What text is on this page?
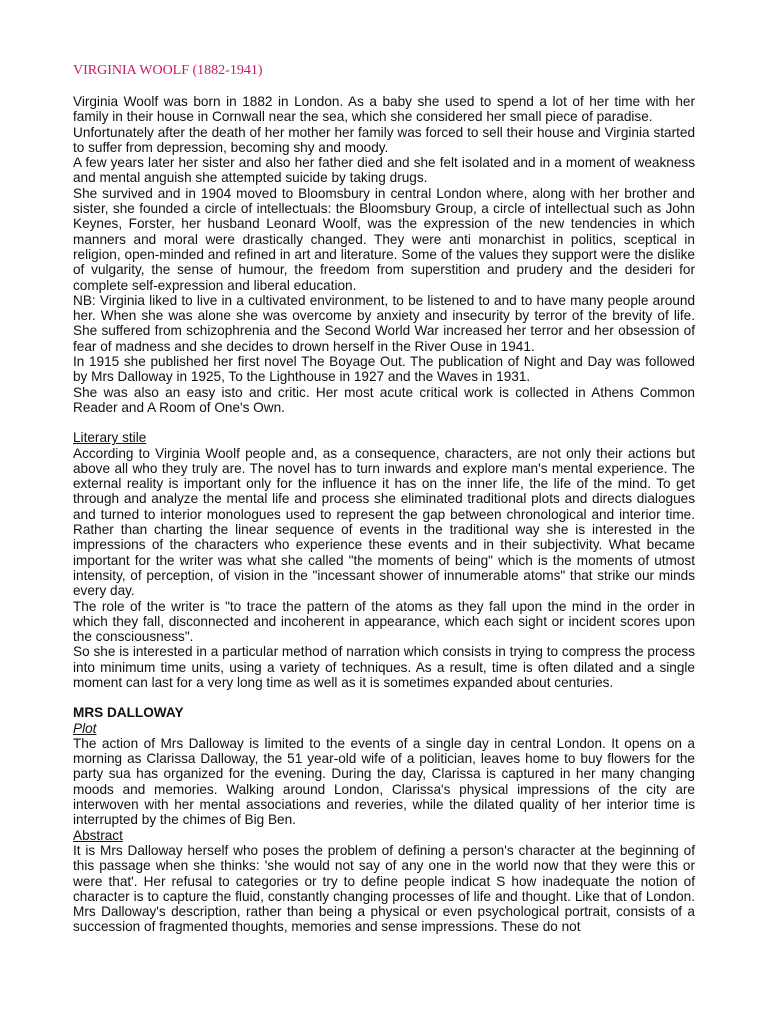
VIRGINIA WOOLF (1882-1941)

Virginia Woolf was born in 1882 in London. As a baby she used to spend a lot of her time with her family in their house in Cornwall near the sea, which she considered her small piece of paradise.

Unfortunately after the death of her mother her family was forced to sell their house and Virginia started to suffer from depression, becoming shy and moody.

A few years later her sister and also her father died and she felt isolated and in a moment of weakness and mental anguish she attempted suicide by taking drugs.

She survived and in 1904 moved to Bloomsbury in central London where, along with her brother and sister, she founded a circle of intellectuals: the Bloomsbury Group, a circle of intellectual such as John Keynes, Forster, her husband Leonard Woolf, was the expression of the new tendencies in which manners and moral were drastically changed. They were anti monarchist in politics, sceptical in religion, open-minded and refined in art and literature. Some of the values they support were the dislike of vulgarity, the sense of humour, the freedom from superstition and prudery and the desideri for complete self-expression and liberal education.

NB: Virginia liked to live in a cultivated environment, to be listened to and to have many people around her. When she was alone she was overcome by anxiety and insecurity by terror of the brevity of life. She suffered from schizophrenia and the Second World War increased her terror and her obsession of fear of madness and she decides to drown herself in the River Ouse in 1941.

In 1915 she published her first novel The Boyage Out. The publication of Night and Day was followed by Mrs Dalloway in 1925, To the Lighthouse in 1927 and the Waves in 1931.

She was also an easy isto and critic. Her most acute critical work is collected in Athens Common Reader and A Room of One's Own.

Literary stile

According to Virginia Woolf people and, as a consequence, characters, are not only their actions but above all who they truly are. The novel has to turn inwards and explore man's mental experience. The external reality is important only for the influence it has on the inner life, the life of the mind. To get through and analyze the mental life and process she eliminated traditional plots and directs dialogues and turned to interior monologues used to represent the gap between chronological and interior time. Rather than charting the linear sequence of events in the traditional way she is interested in the impressions of the characters who experience these events and in their subjectivity. What became important for the writer was what she called "the moments of being" which is the moments of utmost intensity, of perception, of vision in the "incessant shower of innumerable atoms" that strike our minds every day.

The role of the writer is "to trace the pattern of the atoms as they fall upon the mind in the order in which they fall, disconnected and incoherent in appearance, which each sight or incident scores upon the consciousness".

So she is interested in a particular method of narration which consists in trying to compress the process into minimum time units, using a variety of techniques. As a result, time is often dilated and a single moment can last for a very long time as well as it is sometimes expanded about centuries.

MRS DALLOWAY

Plot

The action of Mrs Dalloway is limited to the events of a single day in central London. It opens on a morning as Clarissa Dalloway, the 51 year-old wife of a politician, leaves home to buy flowers for the party sua has organized for the evening. During the day, Clarissa is captured in her many changing moods and memories. Walking around London, Clarissa's physical impressions of the city are interwoven with her mental associations and reveries, while the dilated quality of her interior time is interrupted by the chimes of Big Ben.

Abstract

It is Mrs Dalloway herself who poses the problem of defining a person's character at the beginning of this passage when she thinks: 'she would not say of any one in the world now that they were this or were that'. Her refusal to categories or try to define people indicat S how inadequate the notion of character is to capture the fluid, constantly changing processes of life and thought. Like that of London. Mrs Dalloway's description, rather than being a physical or even psychological portrait, consists of a succession of fragmented thoughts, memories and sense impressions. These do not
